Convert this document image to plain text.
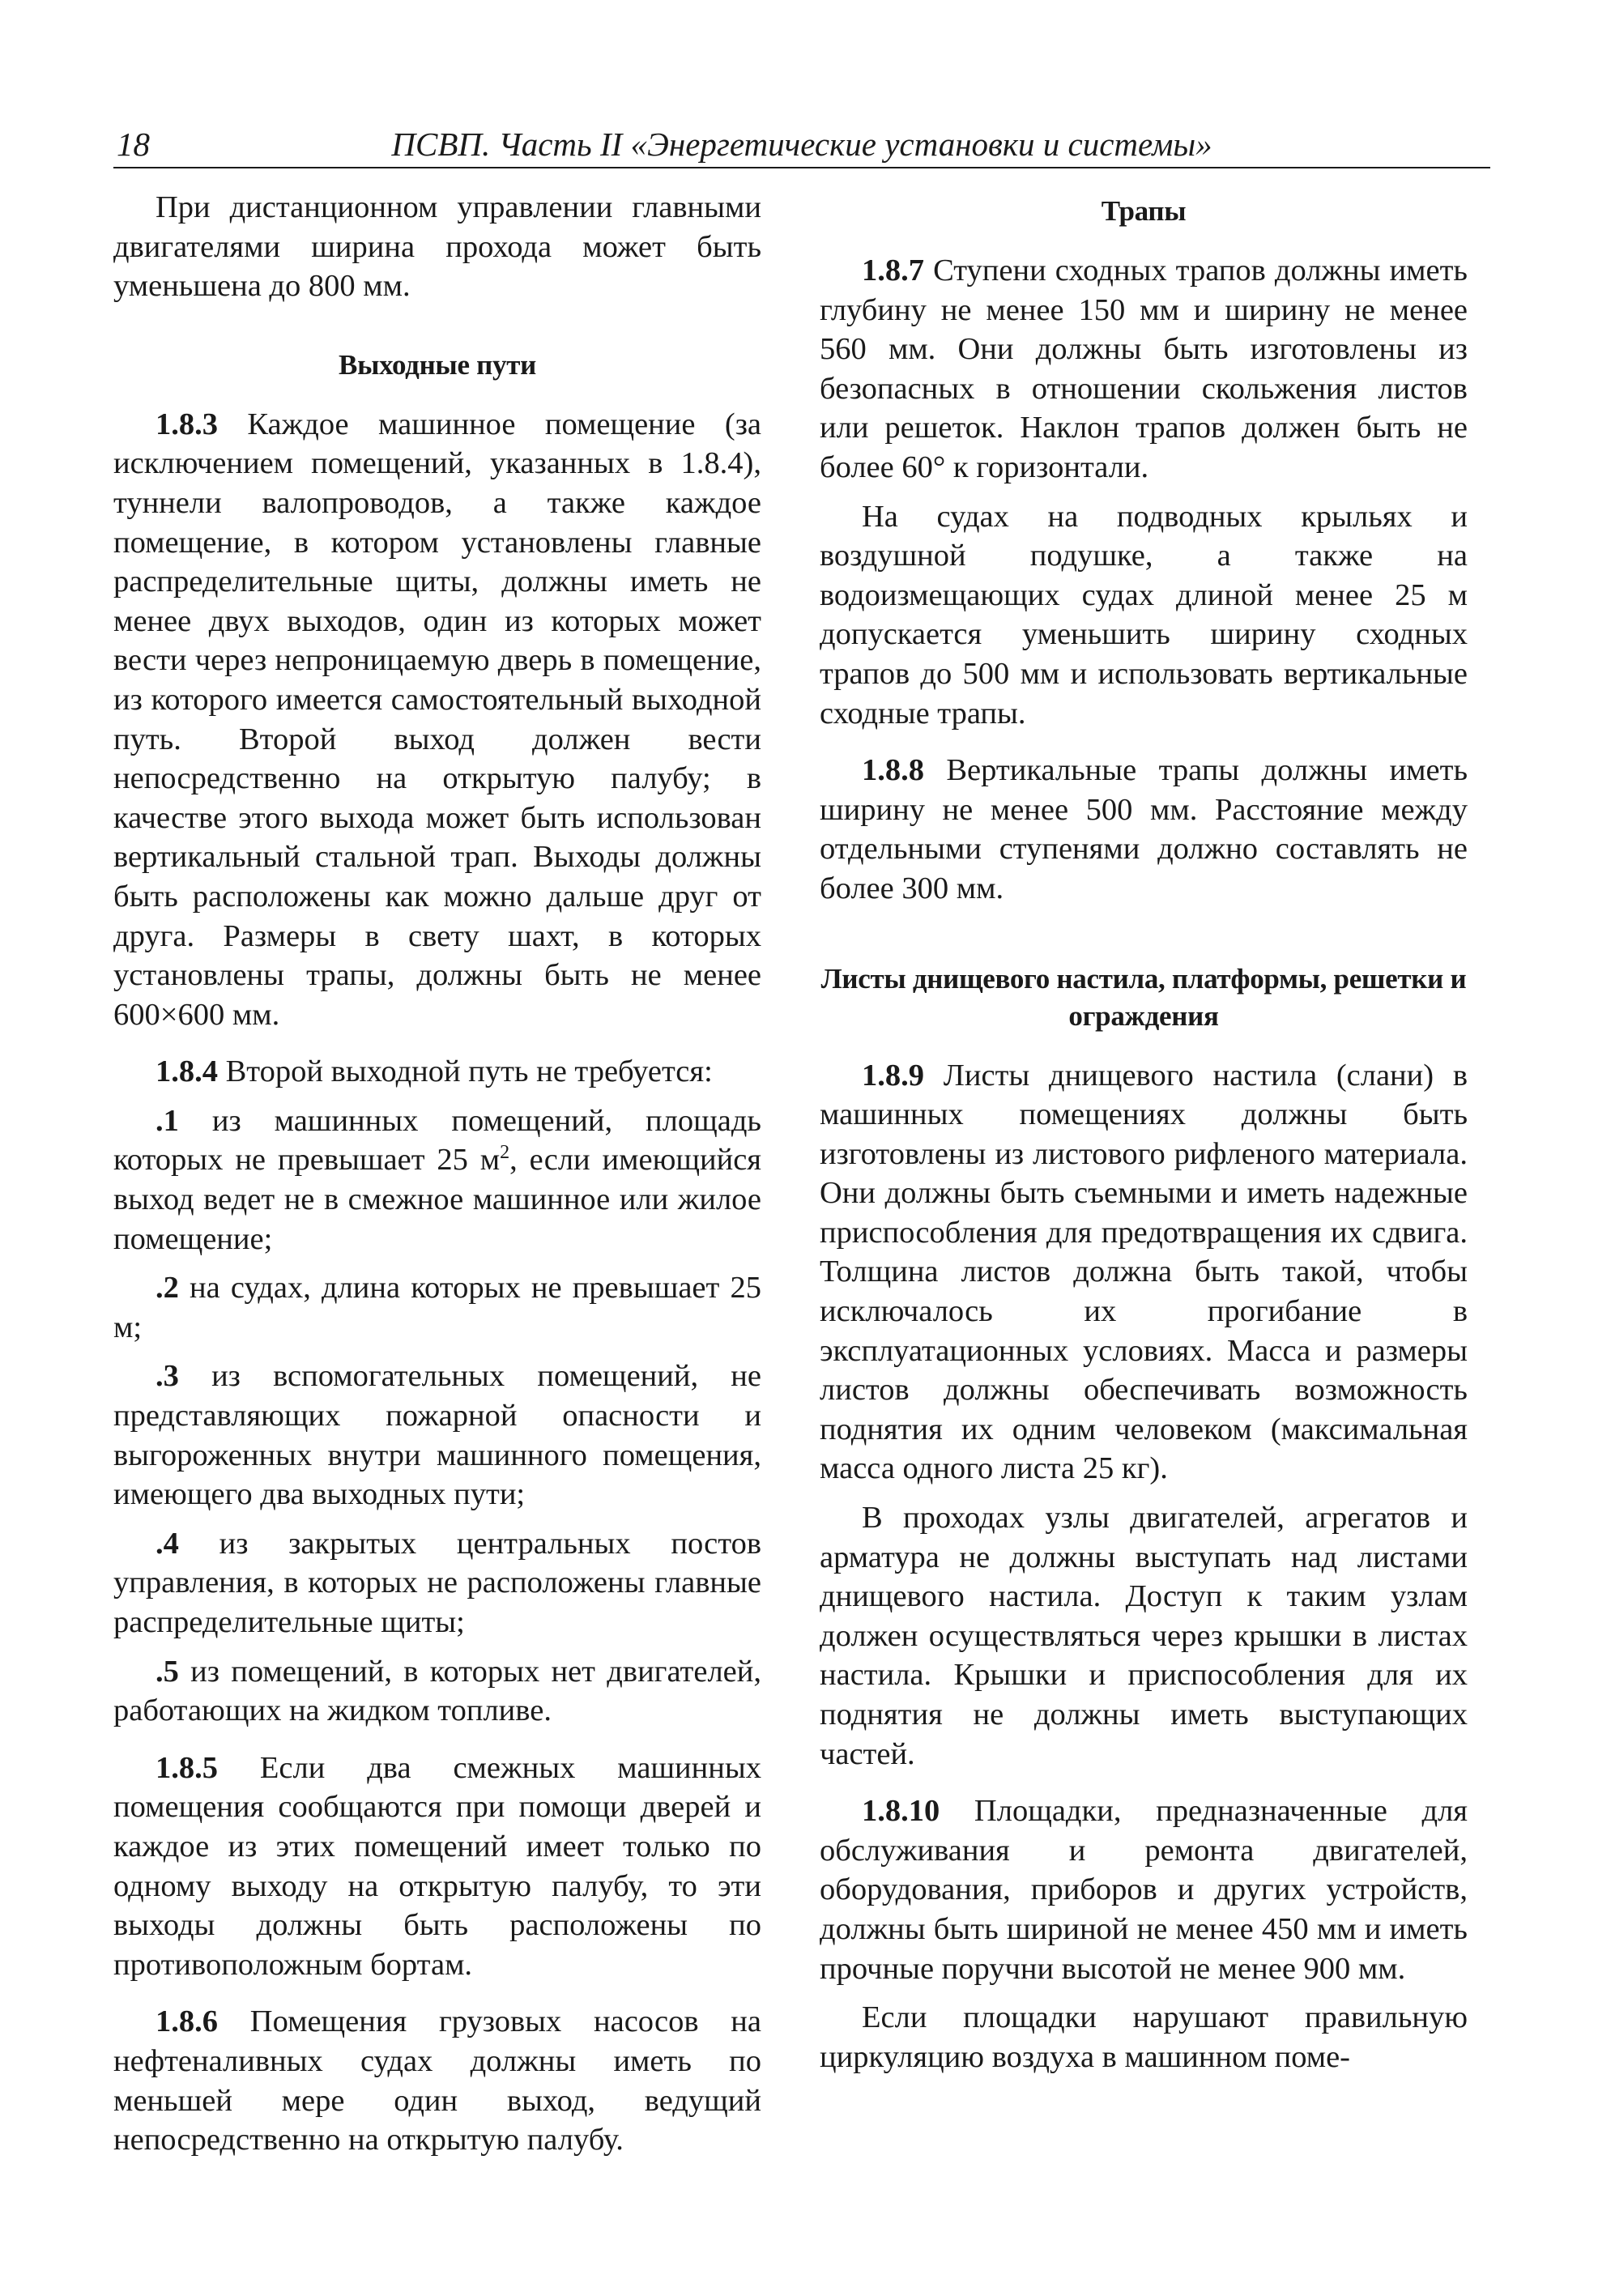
18	ПСВП. Часть II «Энергетические установки и системы»

При дистанционном управлении главными двигателями ширина прохода может быть уменьшена до 800 мм.

Выходные пути

1.8.3 Каждое машинное помещение (за исключением помещений, указанных в 1.8.4), туннели валопроводов, а также каждое помещение, в котором установлены главные распределительные щиты, должны иметь не менее двух выходов, один из которых может вести через непроницаемую дверь в помещение, из которого имеется самостоятельный выходной путь. Второй выход должен вести непосредственно на открытую палубу; в качестве этого выхода может быть использован вертикальный стальной трап. Выходы должны быть расположены как можно дальше друг от друга. Размеры в свету шахт, в которых установлены трапы, должны быть не менее 600×600 мм.

1.8.4 Второй выходной путь не требуется:

.1 из машинных помещений, площадь которых не превышает 25 $м^2$, если имеющийся выход ведет не в смежное машинное или жилое помещение;

.2 на судах, длина которых не превышает 25 м;

.3 из вспомогательных помещений, не представляющих пожарной опасности и выгороженных внутри машинного помещения, имеющего два выходных пути;

.4 из закрытых центральных постов управления, в которых не расположены главные распределительные щиты;

.5 из помещений, в которых нет двигателей, работающих на жидком топливе.

1.8.5 Если два смежных машинных помещения сообщаются при помощи дверей и каждое из этих помещений имеет только по одному выходу на открытую палубу, то эти выходы должны быть расположены по противоположным бортам.

1.8.6 Помещения грузовых насосов на нефтеналивных судах должны иметь по меньшей мере один выход, ведущий непосредственно на открытую палубу.

Трапы

1.8.7 Ступени сходных трапов должны иметь глубину не менее 150 мм и ширину не менее 560 мм. Они должны быть изготовлены из безопасных в отношении скольжения листов или решеток. Наклон трапов должен быть не более 60° к горизонтали.

На судах на подводных крыльях и воздушной подушке, а также на водоизмещающих судах длиной менее 25 м допускается уменьшить ширину сходных трапов до 500 мм и использовать вертикальные сходные трапы.

1.8.8 Вертикальные трапы должны иметь ширину не менее 500 мм. Расстояние между отдельными ступенями должно составлять не более 300 мм.

Листы днищевого настила, платформы, решетки и ограждения

1.8.9 Листы днищевого настила (слани) в машинных помещениях должны быть изготовлены из листового рифленого материала. Они должны быть съемными и иметь надежные приспособления для предотвращения их сдвига. Толщина листов должна быть такой, чтобы исключалось их прогибание в эксплуатационных условиях. Масса и размеры листов должны обеспечивать возможность поднятия их одним человеком (максимальная масса одного листа 25 кг).

В проходах узлы двигателей, агрегатов и арматура не должны выступать над листами днищевого настила. Доступ к таким узлам должен осуществляться через крышки в листах настила. Крышки и приспособления для их поднятия не должны иметь выступающих частей.

1.8.10 Площадки, предназначенные для обслуживания и ремонта двигателей, оборудования, приборов и других устройств, должны быть шириной не менее 450 мм и иметь прочные поручни высотой не менее 900 мм.

Если площадки нарушают правильную циркуляцию воздуха в машинном поме-
